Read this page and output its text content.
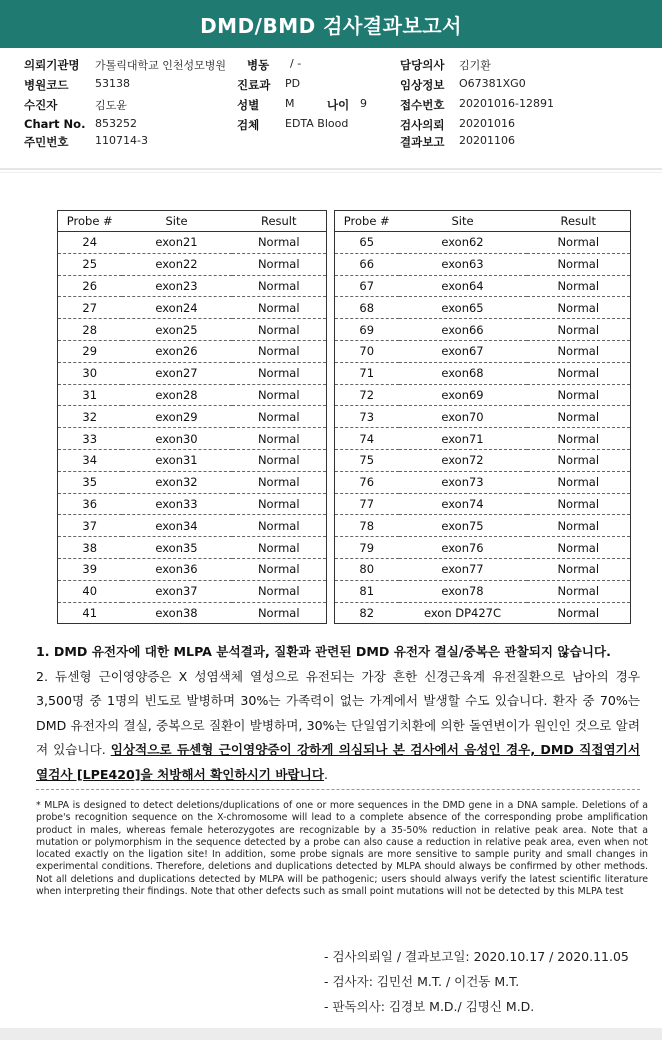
DMD/BMD 검사결과보고서
의뢰기관명 가톨릭대학교 인천성모병원 병동 / -	담당의사 김기환
병원코드 53138	진료과 PD	임상정보 O67381XG0
수진자	김도윤	성별 M	나이 9	접수번호 20201016-12891
Chart No. 853252	검체 EDTA Blood	검사의뢰 20201016
주민번호 110714-3	결과보고 20201106
Probe #	Site	Result
24	exon21	Normal
25	exon22	Normal
26	exon23	Normal
27	exon24	Normal
28	exon25	Normal
29	exon26	Normal
30	exon27	Normal
31	exon28	Normal
32	exon29	Normal
33	exon30	Normal
34	exon31	Normal
35	exon32	Normal
36	exon33	Normal
37	exon34	Normal
38	exon35	Normal
39	exon36	Normal
40	exon37	Normal
41	exon38	Normal
Probe #	Site	Result
65	exon62	Normal
66	exon63	Normal
67	exon64	Normal
68	exon65	Normal
69	exon66	Normal
70	exon67	Normal
71	exon68	Normal
72	exon69	Normal
73	exon70	Normal
74	exon71	Normal
75	exon72	Normal
76	exon73	Normal
77	exon74	Normal
78	exon75	Normal
79	exon76	Normal
80	exon77	Normal
81	exon78	Normal
82	exon DP427C	Normal

1. DMD 유전자에 대한 MLPA 분석결과, 질환과 관련된 DMD 유전자 결실/중복은 관찰되지 않습니다.

2. 듀센형 근이영양증은 X 성염색체 열성으로 유전되는 가장 흔한 신경근육계 유전질환으로 남아의 경우 3,500명 중 1명의 빈도로 발병하며 30%는 가족력이 없는 가계에서 발생할 수도 있습니다. 환자 중 70%는 DMD 유전자의 결실, 중복으로 질환이 발병하며, 30%는 단일염기치환에 의한 돌연변이가 원인인 것으로 알려져 있습니다. 임상적으로 듀센형 근이영양증이 강하게 의심되나 본 검사에서 음성인 경우, DMD 직접염기서열검사 [LPE420]을 처방해서 확인하시기 바랍니다.

* MLPA is designed to detect deletions/duplications of one or more sequences in the DMD gene in a DNA sample. Deletions of a probe's recognition sequence on the X-chromosome will lead to a complete absence of the corresponding probe amplification product in males, whereas female heterozygotes are recognizable by a 35-50% reduction in relative peak area. Note that a mutation or polymorphism in the sequence detected by a probe can also cause a reduction in relative peak area, even when not located exactly on the ligation site! In addition, some probe signals are more sensitive to sample purity and small changes in experimental conditions. Therefore, deletions and duplications detected by MLPA should always be confirmed by other methods. Not all deletions and duplications detected by MLPA will be pathogenic; users should always verify the latest scientific literature when interpreting their findings. Note that other defects such as small point mutations will not be detected by this MLPA test
- 검사의뢰일 / 결과보고일: 2020.10.17 / 2020.11.05
- 검사자: 김민선 M.T. / 이건동 M.T.
- 판독의사: 김경보 M.D./ 김명신 M.D.
